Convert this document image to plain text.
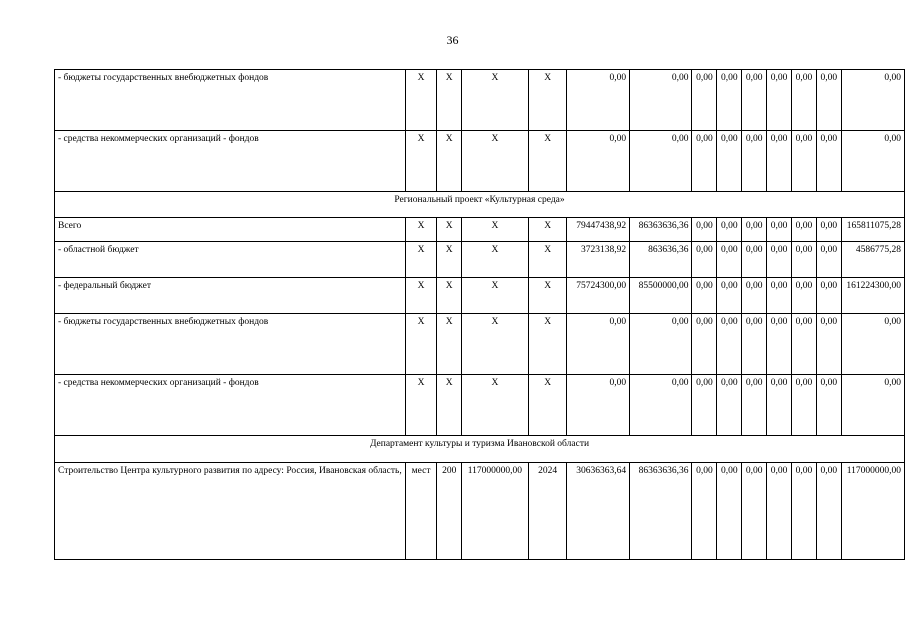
36
- бюджеты государственных внебюджетных фондов	X	X	X	X	0,00	0,00	0,00	0,00	0,00	0,00	0,00	0,00	0,00
- средства некоммерческих организаций - фондов	X	X	X	X	0,00	0,00	0,00	0,00	0,00	0,00	0,00	0,00	0,00
Региональный проект «Культурная среда»													
Всего	X	X	X	X	79447438,92	86363636,36	0,00	0,00	0,00	0,00	0,00	0,00	165811075,28
- областной бюджет	X	X	X	X	3723138,92	863636,36	0,00	0,00	0,00	0,00	0,00	0,00	4586775,28
- федеральный бюджет	X	X	X	X	75724300,00	85500000,00	0,00	0,00	0,00	0,00	0,00	0,00	161224300,00
- бюджеты государственных внебюджетных фондов	X	X	X	X	0,00	0,00	0,00	0,00	0,00	0,00	0,00	0,00	0,00
- средства некоммерческих организаций - фондов	X	X	X	X	0,00	0,00	0,00	0,00	0,00	0,00	0,00	0,00	0,00
Департамент культуры и туризма Ивановской области													
Строительство Центра культурного развития по адресу: Россия, Ивановская область,	мест	200	117000000,00	2024	30636363,64	86363636,36	0,00	0,00	0,00	0,00	0,00	0,00	117000000,00
